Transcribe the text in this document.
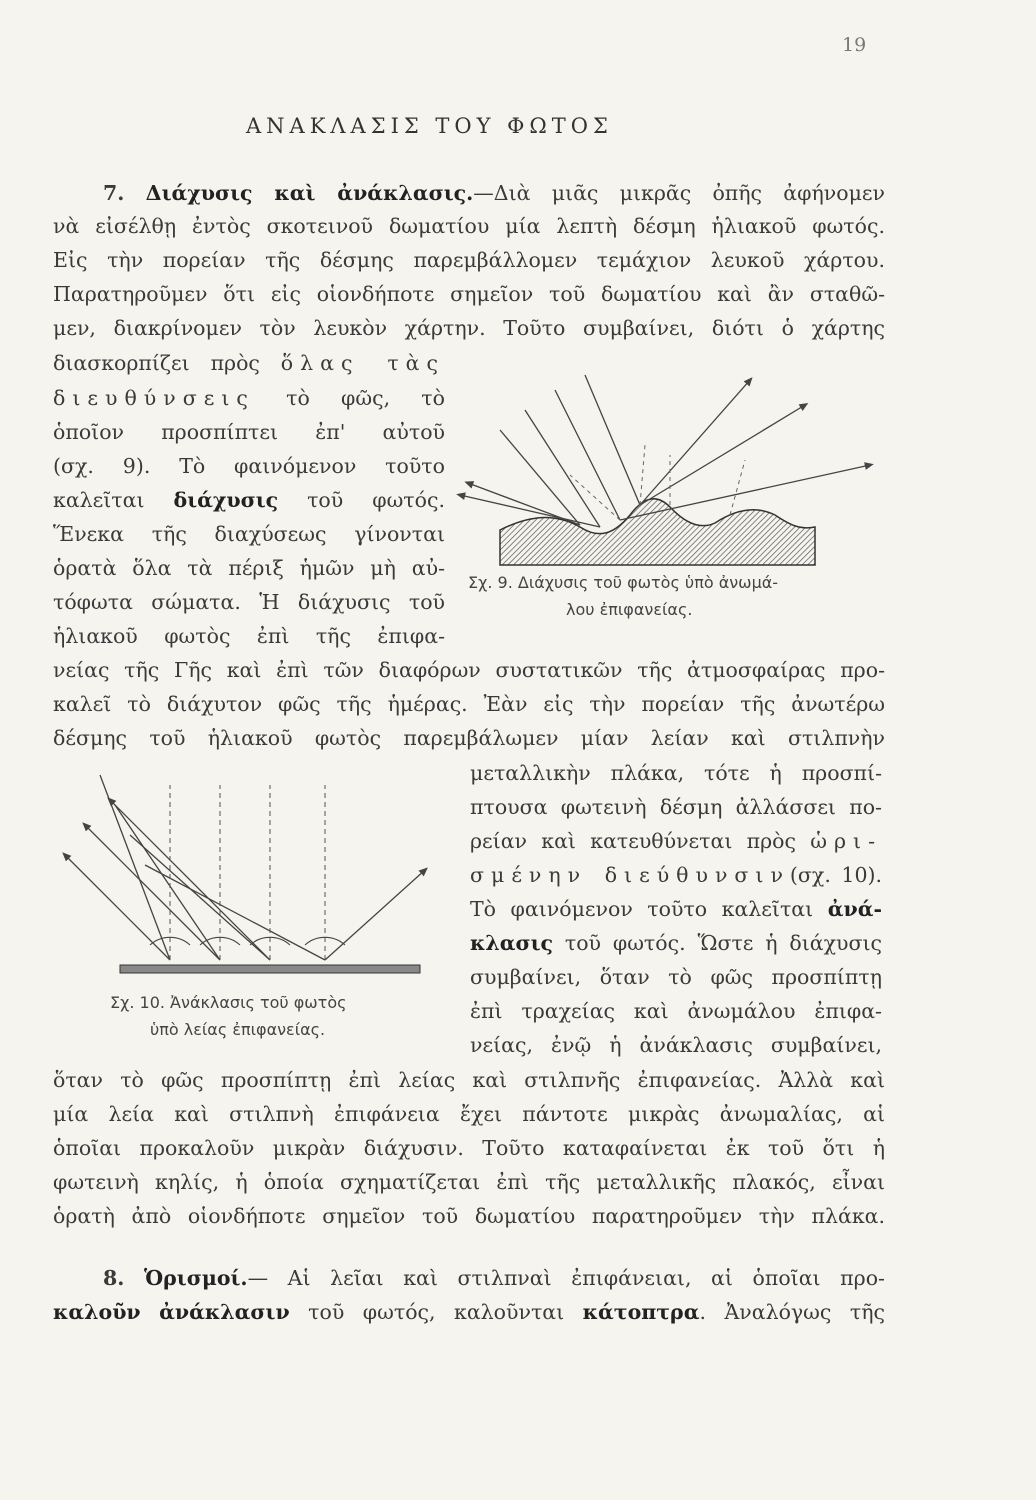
19
ΑΝΑΚΛΑΣΙΣ ΤΟΥ ΦΩΤΟΣ
7. Διάχυσις καὶ ἀνάκλασις.—Διὰ μιᾶς μικρᾶς ὀπῆς ἀφήνομεν
νὰ εἰσέλθῃ ἐντὸς σκοτεινοῦ δωματίου μία λεπτὴ δέσμη ἡλιακοῦ φωτός.
Εἰς τὴν πορείαν τῆς δέσμης παρεμβάλλομεν τεμάχιον λευκοῦ χάρτου.
Παρατηροῦμεν ὅτι εἰς οἱονδήποτε σημεῖον τοῦ δωματίου καὶ ἂν σταθῶ-
μεν, διακρίνομεν τὸν λευκὸν χάρτην. Τοῦτο συμβαίνει, διότι ὁ χάρτης
διασκορπίζει πρὸς ὅλας τὰς
διευθύνσεις τὸ φῶς, τὸ
ὁποῖον προσπίπτει ἐπ' αὐτοῦ
(σχ. 9). Τὸ φαινόμενον τοῦτο
καλεῖται διάχυσις τοῦ φωτός.
Ἕνεκα τῆς διαχύσεως γίνονται
ὁρατὰ ὅλα τὰ πέριξ ἡμῶν μὴ αὐ-
τόφωτα σώματα. Ἡ διάχυσις τοῦ
ἡλιακοῦ φωτὸς ἐπὶ τῆς ἐπιφα-
Σχ. 9. Διάχυσις τοῦ φωτὸς ὑπὸ ἀνωμά-
λου ἐπιφανείας.
νείας τῆς Γῆς καὶ ἐπὶ τῶν διαφόρων συστατικῶν τῆς ἀτμοσφαίρας προ-
καλεῖ τὸ διάχυτον φῶς τῆς ἡμέρας. Ἐὰν εἰς τὴν πορείαν τῆς ἀνωτέρω
δέσμης τοῦ ἡλιακοῦ φωτὸς παρεμβάλωμεν μίαν λείαν καὶ στιλπνὴν
Σχ. 10. Ἀνάκλασις τοῦ φωτὸς
ὑπὸ λείας ἐπιφανείας.
μεταλλικὴν πλάκα, τότε ἡ προσπί-
πτουσα φωτεινὴ δέσμη ἀλλάσσει πο-
ρείαν καὶ κατευθύνεται πρὸς ὡρι-
σμένην διεύθυνσιν(σχ. 10).
Τὸ φαινόμενον τοῦτο καλεῖται ἀνά-
κλασις τοῦ φωτός. Ὥστε ἡ διάχυσις
συμβαίνει, ὅταν τὸ φῶς προσπίπτῃ
ἐπὶ τραχείας καὶ ἀνωμάλου ἐπιφα-
νείας, ἐνῷ ἡ ἀνάκλασις συμβαίνει,
ὅταν τὸ φῶς προσπίπτῃ ἐπὶ λείας καὶ στιλπνῆς ἐπιφανείας. Ἀλλὰ καὶ
μία λεία καὶ στιλπνὴ ἐπιφάνεια ἔχει πάντοτε μικρὰς ἀνωμαλίας, αἱ
ὁποῖαι προκαλοῦν μικρὰν διάχυσιν. Τοῦτο καταφαίνεται ἐκ τοῦ ὅτι ἡ
φωτεινὴ κηλίς, ἡ ὁποία σχηματίζεται ἐπὶ τῆς μεταλλικῆς πλακός, εἶναι
ὁρατὴ ἀπὸ οἱονδήποτε σημεῖον τοῦ δωματίου παρατηροῦμεν τὴν πλάκα.
8. Ὁρισμοί.— Αἱ λεῖαι καὶ στιλπναὶ ἐπιφάνειαι, αἱ ὁποῖαι προ-
καλοῦν ἀνάκλασιν τοῦ φωτός, καλοῦνται κάτοπτρα. Ἀναλόγως τῆς
